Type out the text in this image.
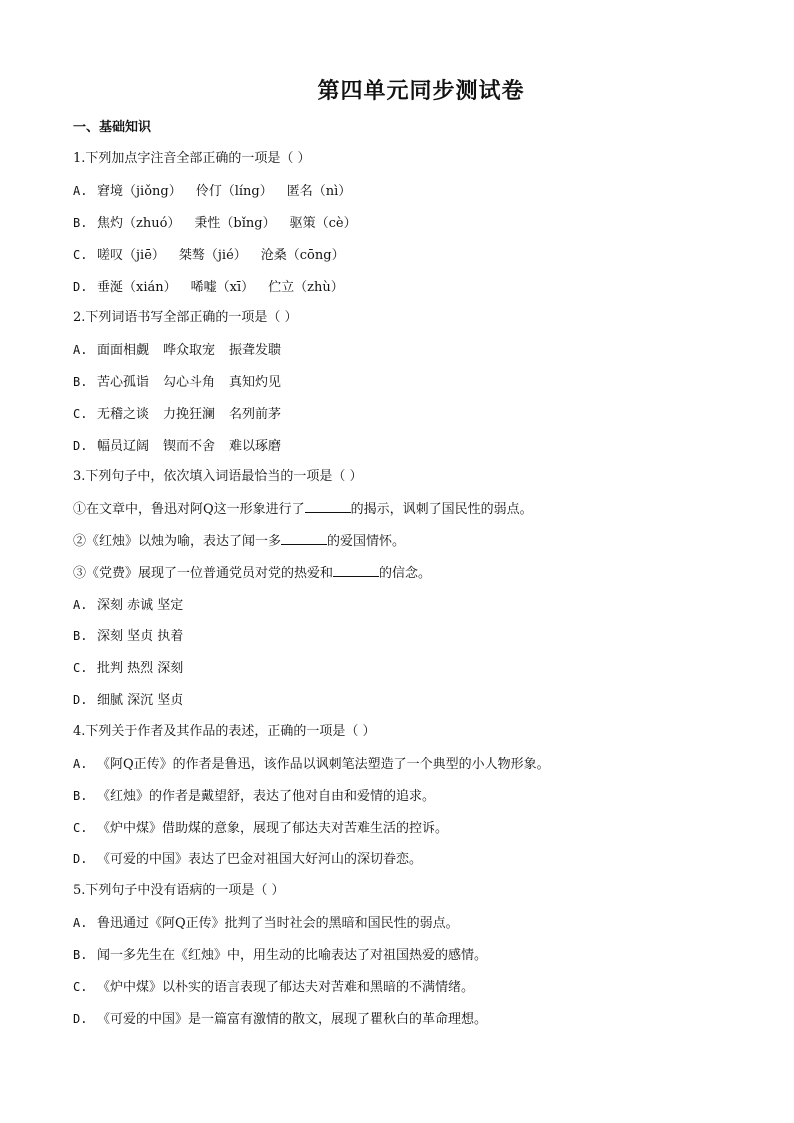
第四单元同步测试卷
一、基础知识
1.下列加点字注音全部正确的一项是（ ）
A. 窘境（jiǒng） 伶仃（líng） 匿名（nì）
B. 焦灼（zhuó） 秉性（bǐng） 驱策（cè）
C. 嗟叹（jiē） 桀骜（jié） 沧桑（cōng）
D. 垂涎（xián） 唏嘘（xī） 伫立（zhù）
2.下列词语书写全部正确的一项是（ ）
A. 面面相觑 哗众取宠 振聋发聩
B. 苦心孤诣 勾心斗角 真知灼见
C. 无稽之谈 力挽狂澜 名列前茅
D. 幅员辽阔 锲而不舍 难以琢磨
3.下列句子中，依次填入词语最恰当的一项是（ ）
①在文章中，鲁迅对阿Q这一形象进行了	的揭示，讽刺了国民性的弱点。
②《红烛》以烛为喻，表达了闻一多	的爱国情怀。
③《党费》展现了一位普通党员对党的热爱和	的信念。
A. 深刻 赤诚 坚定
B. 深刻 坚贞 执着
C. 批判 热烈 深刻
D. 细腻 深沉 坚贞
4.下列关于作者及其作品的表述，正确的一项是（ ）
A. 《阿Q正传》的作者是鲁迅，该作品以讽刺笔法塑造了一个典型的小人物形象。
B. 《红烛》的作者是戴望舒，表达了他对自由和爱情的追求。
C. 《炉中煤》借助煤的意象，展现了郁达夫对苦难生活的控诉。
D. 《可爱的中国》表达了巴金对祖国大好河山的深切眷恋。
5.下列句子中没有语病的一项是（ ）
A. 鲁迅通过《阿Q正传》批判了当时社会的黑暗和国民性的弱点。
B. 闻一多先生在《红烛》中，用生动的比喻表达了对祖国热爱的感情。
C. 《炉中煤》以朴实的语言表现了郁达夫对苦难和黑暗的不满情绪。
D. 《可爱的中国》是一篇富有激情的散文，展现了瞿秋白的革命理想。
